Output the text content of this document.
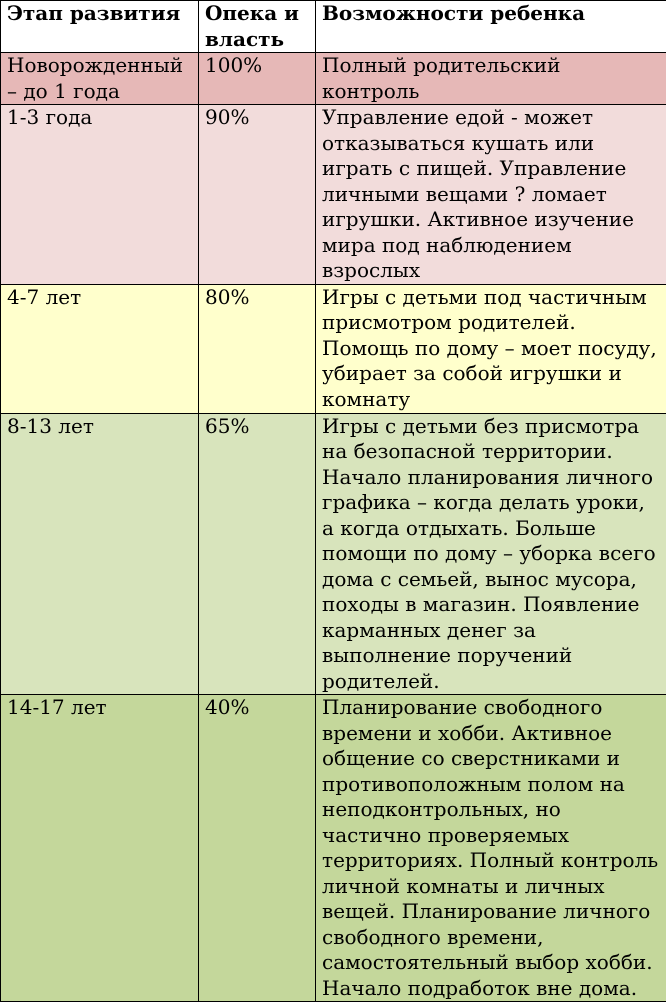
Этап развития	Опека и власть	Возможности ребенка
Новорожденный – до 1 года	100%	Полный родительский контроль
1-3 года	90%	Управление едой - может отказываться кушать или играть с пищей. Управление личными вещами ? ломает игрушки. Активное изучение мира под наблюдением взрослых
4-7 лет	80%	Игры с детьми под частичным присмотром родителей. Помощь по дому – моет посуду, убирает за собой игрушки и комнату
8-13 лет	65%	Игры с детьми без присмотра на безопасной территории. Начало планирования личного графика – когда делать уроки, а когда отдыхать. Больше помощи по дому – уборка всего дома с семьей, вынос мусора, походы в магазин. Появление карманных денег за выполнение поручений родителей.
14-17 лет	40%	Планирование свободного времени и хобби. Активное общение со сверстниками и противоположным полом на неподконтрольных, но частично проверяемых территориях. Полный контроль личной комнаты и личных вещей. Планирование личного свободного времени, самостоятельный выбор хобби. Начало подработок вне дома.
